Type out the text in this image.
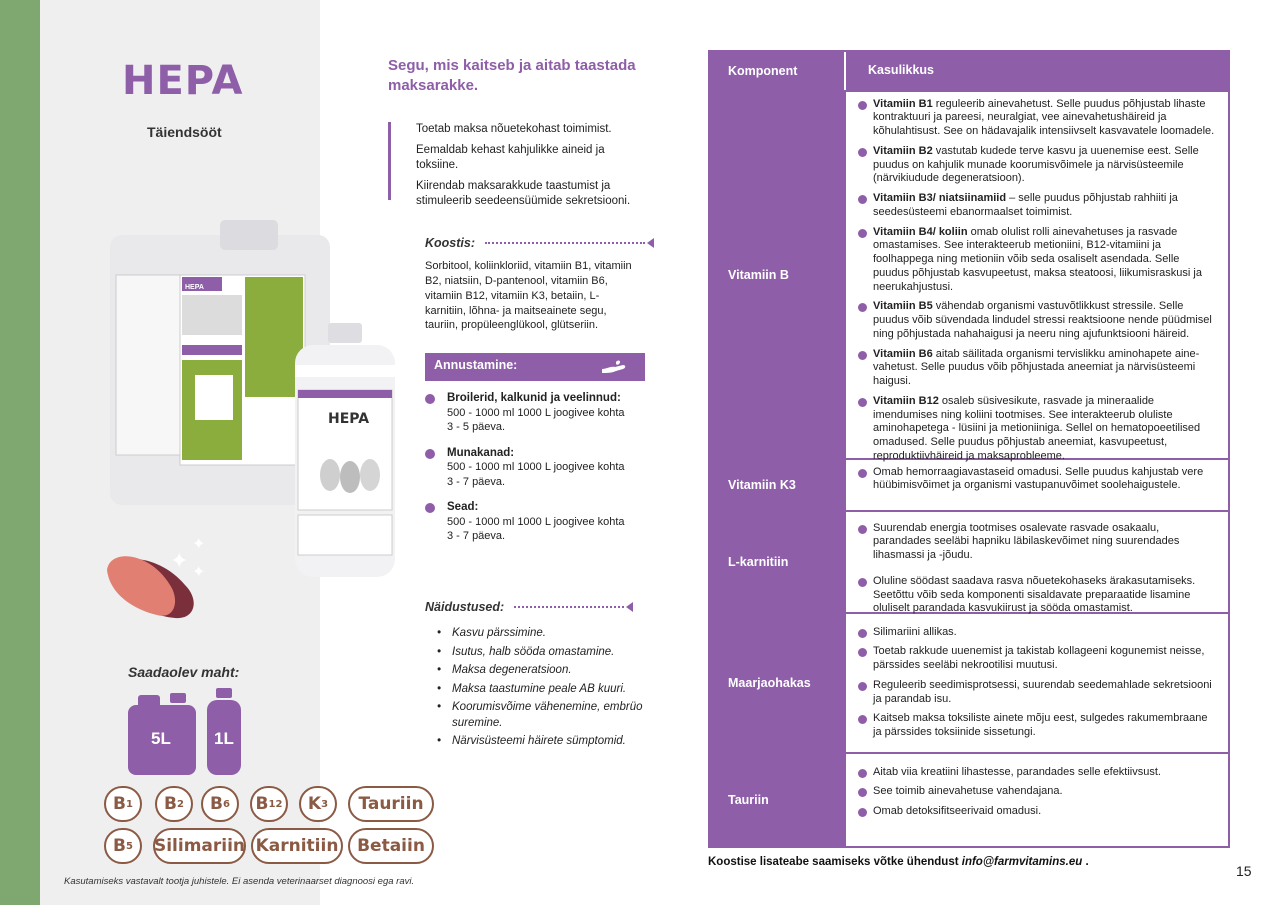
HEPA
Täiendsööt
HEPA
HEPA
✦
✦
✦
Saadaolev maht:
5L	1L
B 1 B 2 B 6 B 12 K 3	Tauriin
B 5 Silimariin Karnitiin	Betaiin
Kasutamiseks vastavalt tootja juhistele. Ei asenda veterinaarset diagnoosi ega ravi.
Segu, mis kaitseb ja aitab taastada maksarakke.

Toetab maksa nõuetekohast toimimist.

Eemaldab kehast kahjulikke aineid ja toksiine.

Kiirendab maksarakkude taastumist ja stimuleerib seedeensüümide sekretsiooni.

Koostis:
Sorbitool, koliinkloriid, vitamiin B1, vitamiin B2, niatsiin, D-pantenool, vitamiin B6, vitamiin B12, vitamiin K3, betaiin, L-karnitiin, lõhna- ja maitseainete segu, tauriin, propüleenglükool, glütseriin.
Annustamine:
Broilerid, kalkunid ja veelinnud:
500 - 1000 ml 1000 L joogivee kohta
3 - 5 päeva.
Munakanad:
500 - 1000 ml 1000 L joogivee kohta
3 - 7 päeva.
Sead:
500 - 1000 ml 1000 L joogivee kohta
3 - 7 päeva.
Näidustused:
• Kasvu pärssimine.
• Isutus, halb sööda omastamine.
• Maksa degeneratsioon.
• Maksa taastumine peale AB kuuri.
• Koorumisvõime vähenemine, embrüo suremine.
• Närvisüsteemi häirete sümptomid.
Komponent	Kasulikkus
Vitamiin B
Vitamiin B1 reguleerib ainevahetust. Selle puudus põhjustab lihaste kontraktuuri ja pareesi, neuralgiat, vee ainevahetushäireid ja kõhulahtisust. See on hädavajalik intensiivselt kasvavatele loomadele.
Vitamiin B2 vastutab kudede terve kasvu ja uuenemise eest. Selle puudus on kahjulik munade koorumisvõimele ja närvisüsteemile (närvikiudude degeneratsioon).
Vitamiin B3/ niatsiinamiid – selle puudus põhjustab rahhiiti ja seedesüsteemi ebanormaalset toimimist.
Vitamiin B4/ koliin omab olulist rolli ainevahetuses ja rasvade omastamises. See interakteerub metioniini, B12-vitamiini ja foolhappega ning metioniin võib seda osaliselt asendada. Selle puudus põhjustab kasvupeetust, maksa steatoosi, liikumisraskusi ja neerukahjustusi.
Vitamiin B5 vähendab organismi vastuvõtlikkust stressile. Selle puudus võib süvendada lindudel stressi reaktsioone nende püüdmisel ning põhjustada nahahaigusi ja neeru ning ajufunktsiooni häireid.
Vitamiin B6 aitab säilitada organismi tervislikku aminohapete aine-vahetust. Selle puudus võib põhjustada aneemiat ja närvisüsteemi haigusi.
Vitamiin B12 osaleb süsivesikute, rasvade ja mineraalide imendumises ning koliini tootmises. See interakteerub oluliste aminohapetega - lüsiini ja metioniiniga. Sellel on hematopoeetilised omadused. Selle puudus põhjustab aneemiat, kasvupeetust, reproduktiivhäireid ja maksaprobleeme.
Vitamiin K3
Omab hemorraagiavastaseid omadusi. Selle puudus kahjustab vere hüübimisvõimet ja organismi vastupanuvõimet soolehaigustele.
L-karnitiin
Suurendab energia tootmises osalevate rasvade osakaalu, parandades seeläbi hapniku läbilaskevõimet ning suurendades lihasmassi ja -jõudu.
Oluline söödast saadava rasva nõuetekohaseks ärakasutamiseks. Seetõttu võib seda komponenti sisaldavate preparaatide lisamine oluliselt parandada kasvukiirust ja sööda omastamist.
Maarjaohakas
Silimariini allikas.
Toetab rakkude uuenemist ja takistab kollageeni kogunemist neisse, pärssides seeläbi nekrootilisi muutusi.
Reguleerib seedimisprotsessi, suurendab seedemahlade sekretsiooni ja parandab isu.
Kaitseb maksa toksiliste ainete mõju eest, sulgedes rakumembraane ja pärssides toksiinide sissetungi.
Tauriin
Aitab viia kreatiini lihastesse, parandades selle efektiivsust.
See toimib ainevahetuse vahendajana.
Omab detoksifitseerivaid omadusi.
Koostise lisateabe saamiseks võtke ühendust info@farmvitamins.eu .
15
